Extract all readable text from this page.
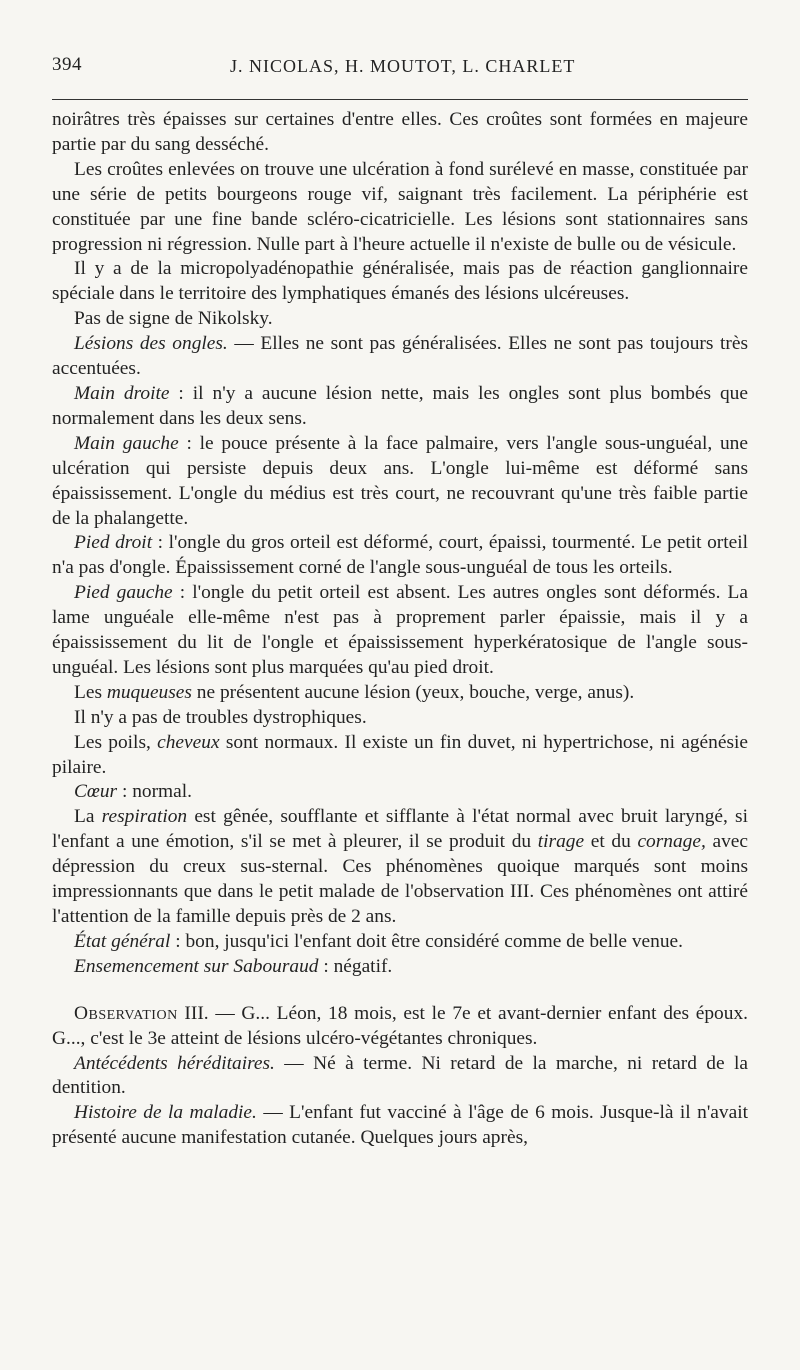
394	J. NICOLAS, H. MOUTOT, L. CHARLET

noirâtres très épaisses sur certaines d'entre elles. Ces croûtes sont formées en majeure partie par du sang desséché.

Les croûtes enlevées on trouve une ulcération à fond surélevé en masse, constituée par une série de petits bourgeons rouge vif, saignant très facilement. La périphérie est constituée par une fine bande scléro-cicatricielle. Les lésions sont stationnaires sans progression ni régression. Nulle part à l'heure actuelle il n'existe de bulle ou de vésicule.

Il y a de la micropolyadénopathie généralisée, mais pas de réaction ganglionnaire spéciale dans le territoire des lymphatiques émanés des lésions ulcéreuses.

Pas de signe de Nikolsky.

Lésions des ongles. — Elles ne sont pas généralisées. Elles ne sont pas toujours très accentuées.

Main droite : il n'y a aucune lésion nette, mais les ongles sont plus bombés que normalement dans les deux sens.

Main gauche : le pouce présente à la face palmaire, vers l'angle sous-unguéal, une ulcération qui persiste depuis deux ans. L'ongle lui-même est déformé sans épaississement. L'ongle du médius est très court, ne recouvrant qu'une très faible partie de la phalangette.

Pied droit : l'ongle du gros orteil est déformé, court, épaissi, tourmenté. Le petit orteil n'a pas d'ongle. Épaississement corné de l'angle sous-unguéal de tous les orteils.

Pied gauche : l'ongle du petit orteil est absent. Les autres ongles sont déformés. La lame unguéale elle-même n'est pas à proprement parler épaissie, mais il y a épaississement du lit de l'ongle et épaississement hyperkératosique de l'angle sous-unguéal. Les lésions sont plus marquées qu'au pied droit.

Les muqueuses ne présentent aucune lésion (yeux, bouche, verge, anus).

Il n'y a pas de troubles dystrophiques.

Les poils, cheveux sont normaux. Il existe un fin duvet, ni hypertrichose, ni agénésie pilaire.

Cœur : normal.

La respiration est gênée, soufflante et sifflante à l'état normal avec bruit laryngé, si l'enfant a une émotion, s'il se met à pleurer, il se produit du tirage et du cornage, avec dépression du creux sus-sternal. Ces phénomènes quoique marqués sont moins impressionnants que dans le petit malade de l'observation III. Ces phénomènes ont attiré l'attention de la famille depuis près de 2 ans.

État général : bon, jusqu'ici l'enfant doit être considéré comme de belle venue.

Ensemencement sur Sabouraud : négatif.

Observation III. — G... Léon, 18 mois, est le 7e et avant-dernier enfant des époux. G..., c'est le 3e atteint de lésions ulcéro-végétantes chroniques.

Antécédents héréditaires. — Né à terme. Ni retard de la marche, ni retard de la dentition.

Histoire de la maladie. — L'enfant fut vacciné à l'âge de 6 mois. Jusque-là il n'avait présenté aucune manifestation cutanée. Quelques jours après,
